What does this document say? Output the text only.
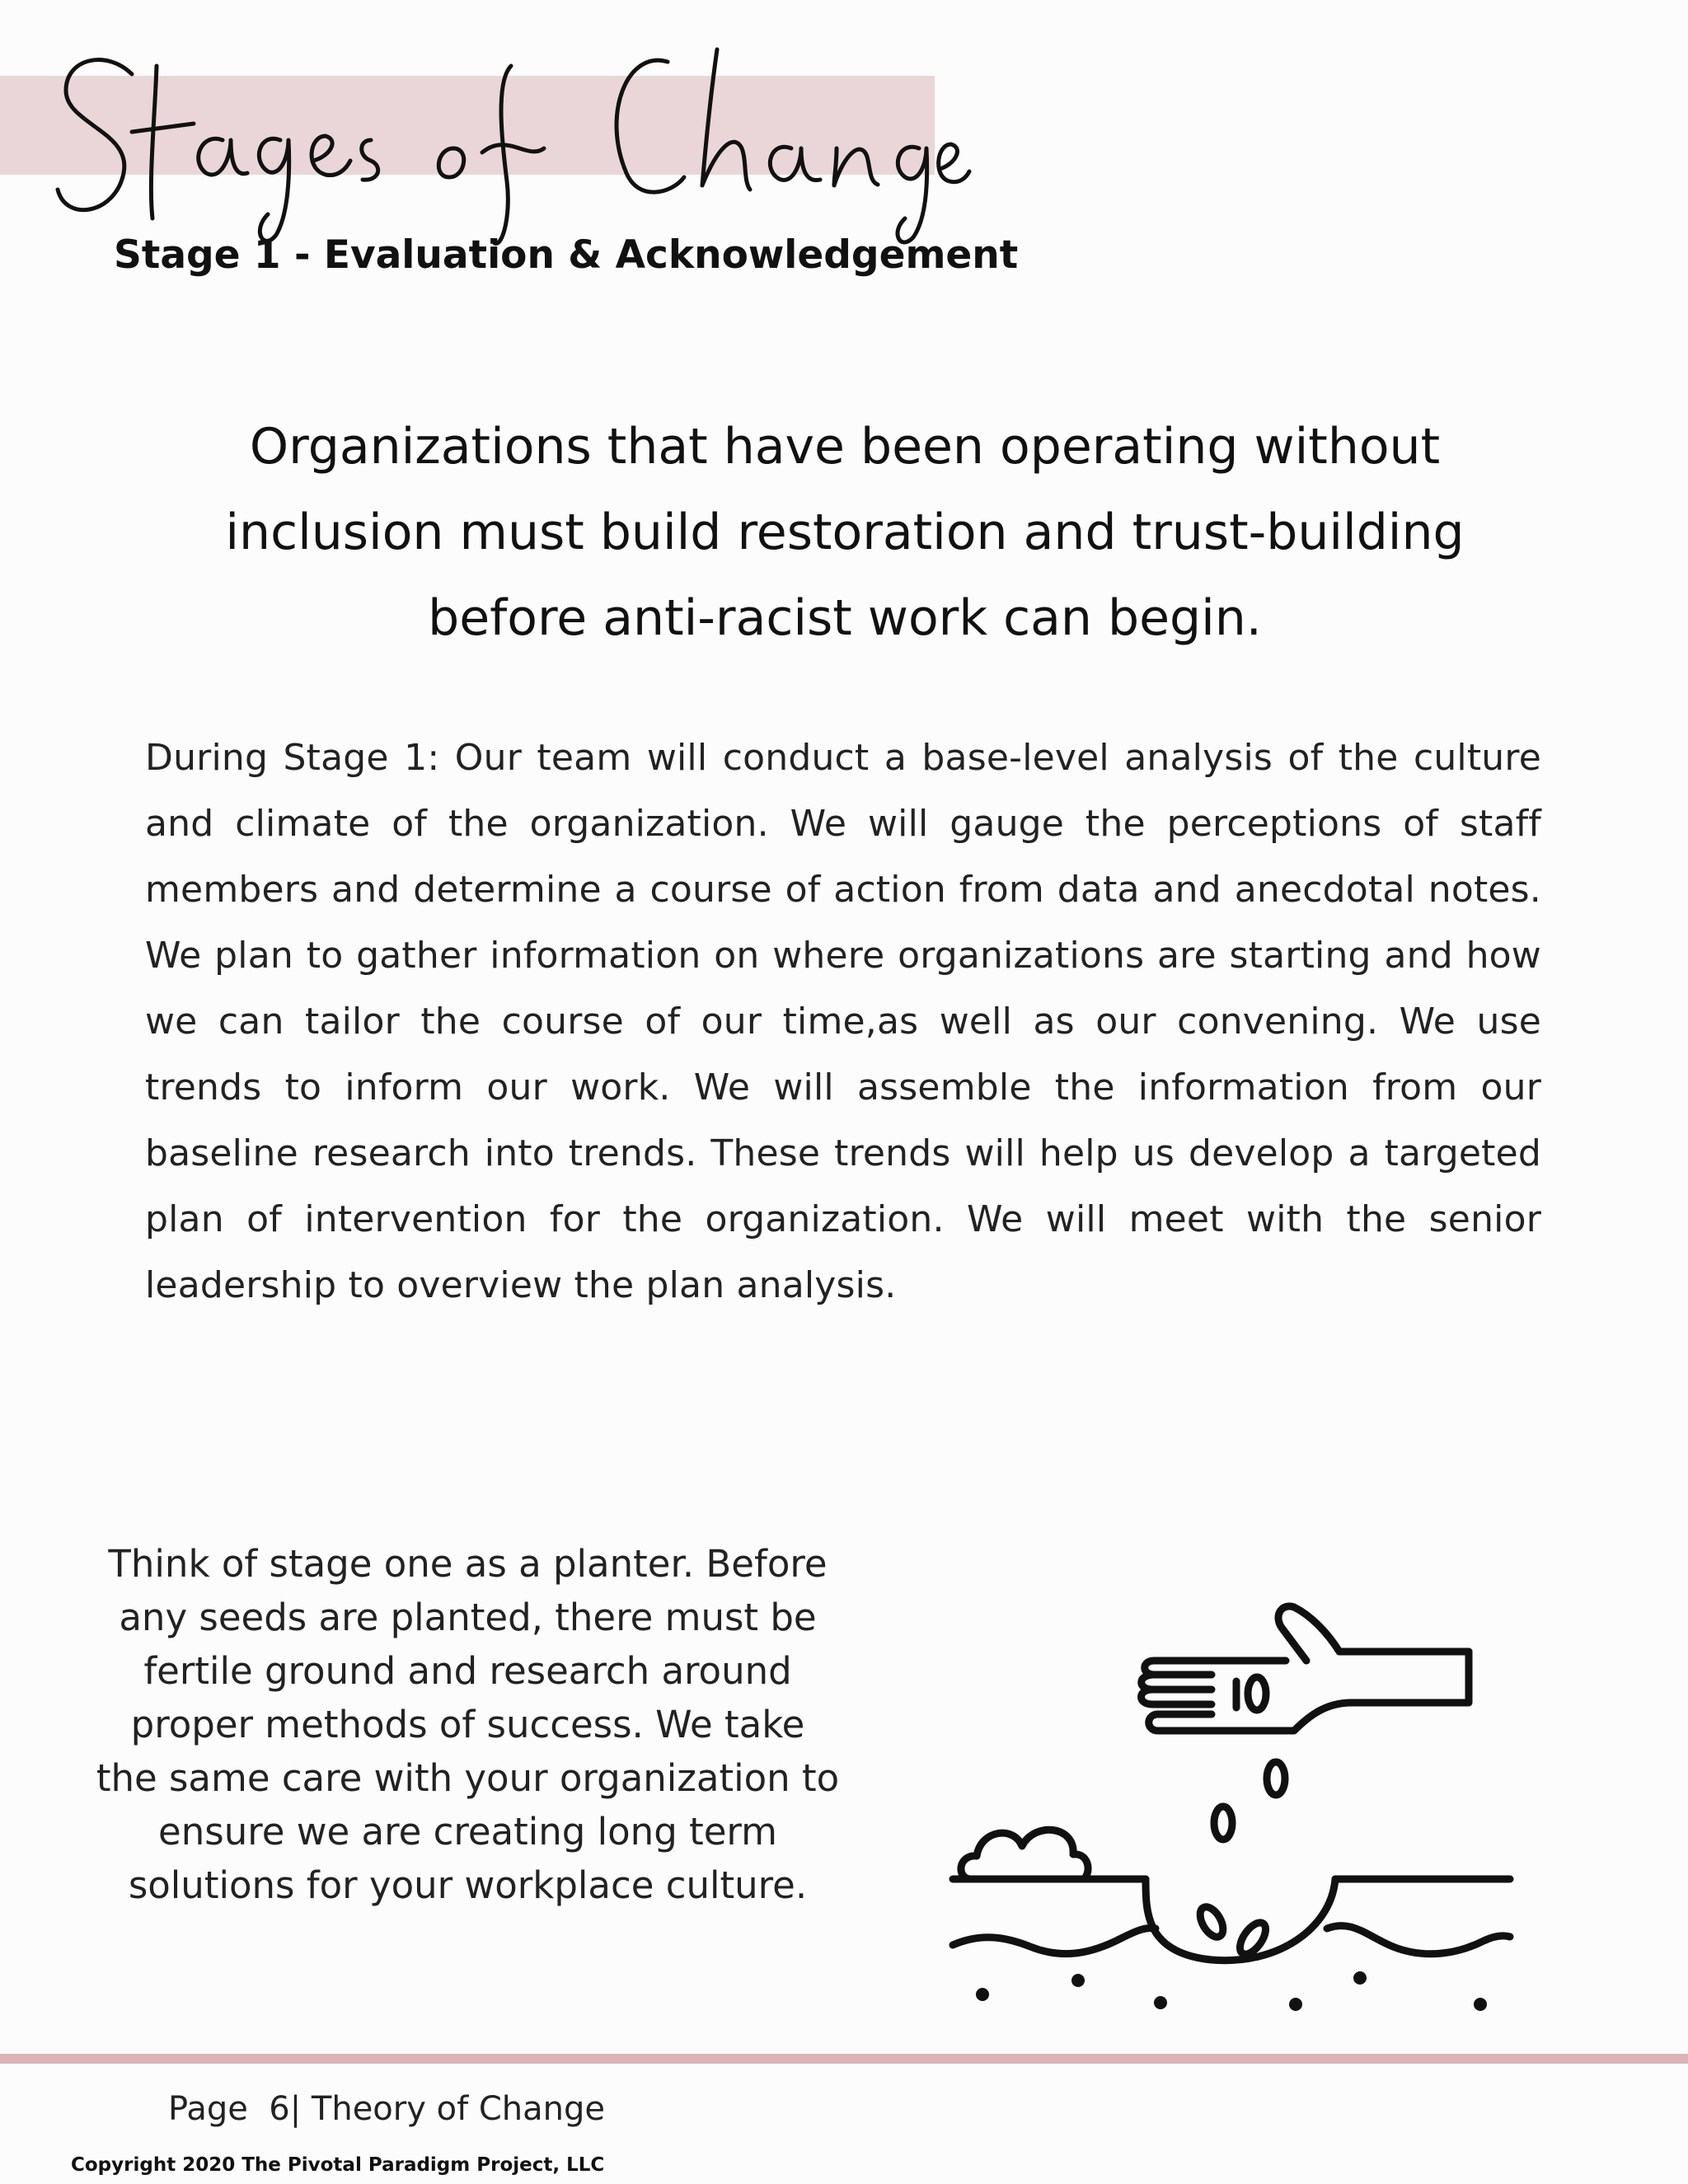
Stage 1 - Evaluation & Acknowledgement
Organizations that have been operating without
inclusion must build restoration and trust-building
before anti-racist work can begin.
During Stage 1: Our team will conduct a base-level analysis of the culture and climate of the organization. We will gauge the perceptions of staff members and determine a course of action from data and anecdotal notes. We plan to gather information on where organizations are starting and how we can tailor the course of our time,as well as our convening. We use trends to inform our work. We will assemble the information from our baseline research into trends. These trends will help us develop a targeted plan of intervention for the organization. We will meet with the senior leadership to overview the plan analysis.
Think of stage one as a planter. Before
any seeds are planted, there must be
fertile ground and research around
proper methods of success. We take
the same care with your organization to
ensure we are creating long term
solutions for your workplace culture.
Page  6| Theory of Change
Copyright 2020 The Pivotal Paradigm Project, LLC
